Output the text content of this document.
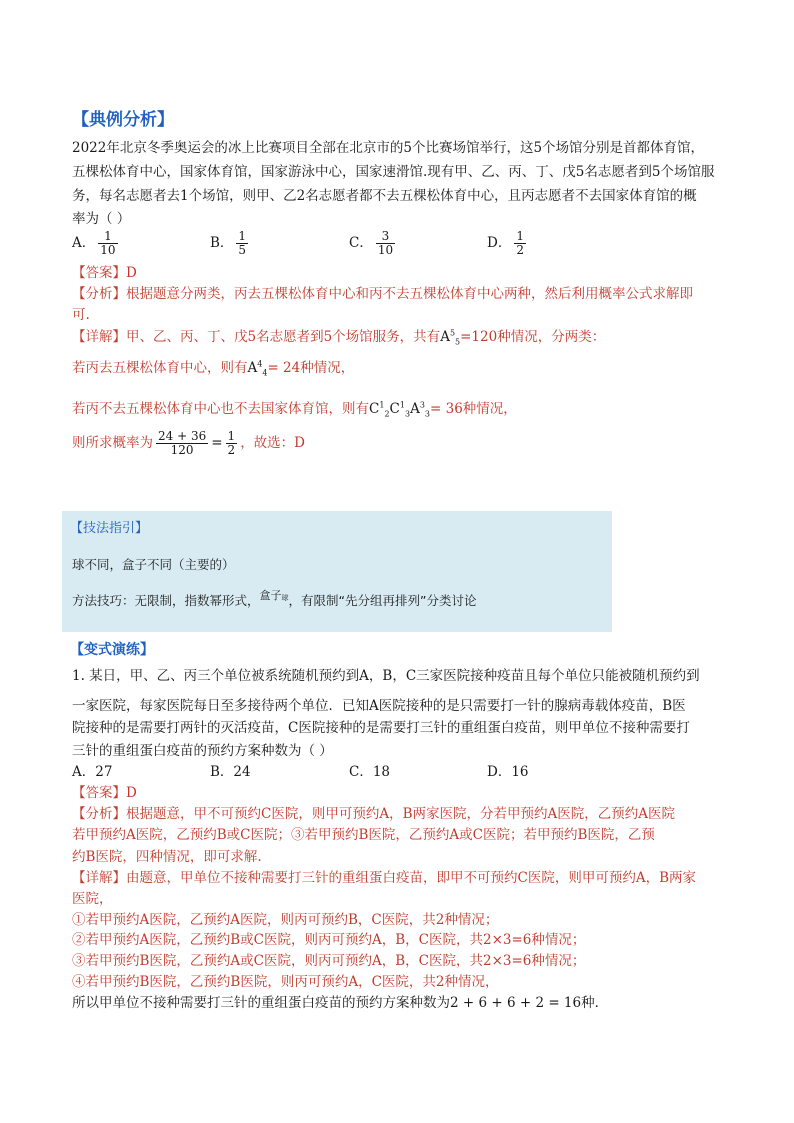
【典例分析】
2022年北京冬季奥运会的冰上比赛项目全部在北京市的5个比赛场馆举行，这5个场馆分别是首都体育馆，
五棵松体育中心，国家体育馆，国家游泳中心，国家速滑馆.现有甲、乙、丙、丁、戊5名志愿者到5个场馆服
务，每名志愿者去1个场馆，则甲、乙2名志愿者都不去五棵松体育中心，且丙志愿者不去国家体育馆的概
率为（ ）
A． $\frac{1}{10}$	B． $\frac{1}{5}$	C． $\frac{3}{10}$	D． $\frac{1}{2}$
【答案】D
【分析】根据题意分两类，丙去五棵松体育中心和丙不去五棵松体育中心两种，然后利用概率公式求解即
可.
【详解】甲、乙、丙、丁、戊5名志愿者到5个场馆服务，共有$A^5_5=120$种情况，分两类：
若丙去五棵松体育中心，则有$A^4_4= 24$种情况，
若丙不去五棵松体育中心也不去国家体育馆，则有$C^1_2C^1_3A^3_3= 36$种情况，
则所求概率为 $\frac{24 + 36}{120} = \frac{1}{2}$ ，故选：D
【技法指引】
球不同，盒子不同（主要的）
方法技巧：无限制，指数幂形式，盒子$^球$，有限制“先分组再排列”分类讨论
【变式演练】
1. 某日，甲、乙、丙三个单位被系统随机预约到A，B，C三家医院接种疫苗且每个单位只能被随机预约到
一家医院，每家医院每日至多接待两个单位．已知A医院接种的是只需要打一针的腺病毒载体疫苗，B医
院接种的是需要打两针的灭活疫苗，C医院接种的是需要打三针的重组蛋白疫苗，则甲单位不接种需要打
三针的重组蛋白疫苗的预约方案种数为（ ）
A．27	B．24	C．18	D．16
【答案】D
【分析】根据题意，甲不可预约C医院，则甲可预约A，B两家医院，分若甲预约A医院，乙预约A医院
若甲预约A医院，乙预约B或C医院；③若甲预约B医院，乙预约A或C医院；若甲预约B医院，乙预
约B医院，四种情况，即可求解.
【详解】由题意，甲单位不接种需要打三针的重组蛋白疫苗，即甲不可预约C医院，则甲可预约A，B两家
医院，
①若甲预约A医院，乙预约A医院，则丙可预约B，C医院，共2种情况；
②若甲预约A医院，乙预约B或C医院，则丙可预约A，B，C医院，共2×3=6种情况；
③若甲预约B医院，乙预约A或C医院，则丙可预约A，B，C医院，共2×3=6种情况；
④若甲预约B医院，乙预约B医院，则丙可预约A，C医院，共2种情况，
所以甲单位不接种需要打三针的重组蛋白疫苗的预约方案种数为2 + 6 + 6 + 2 = 16种．
